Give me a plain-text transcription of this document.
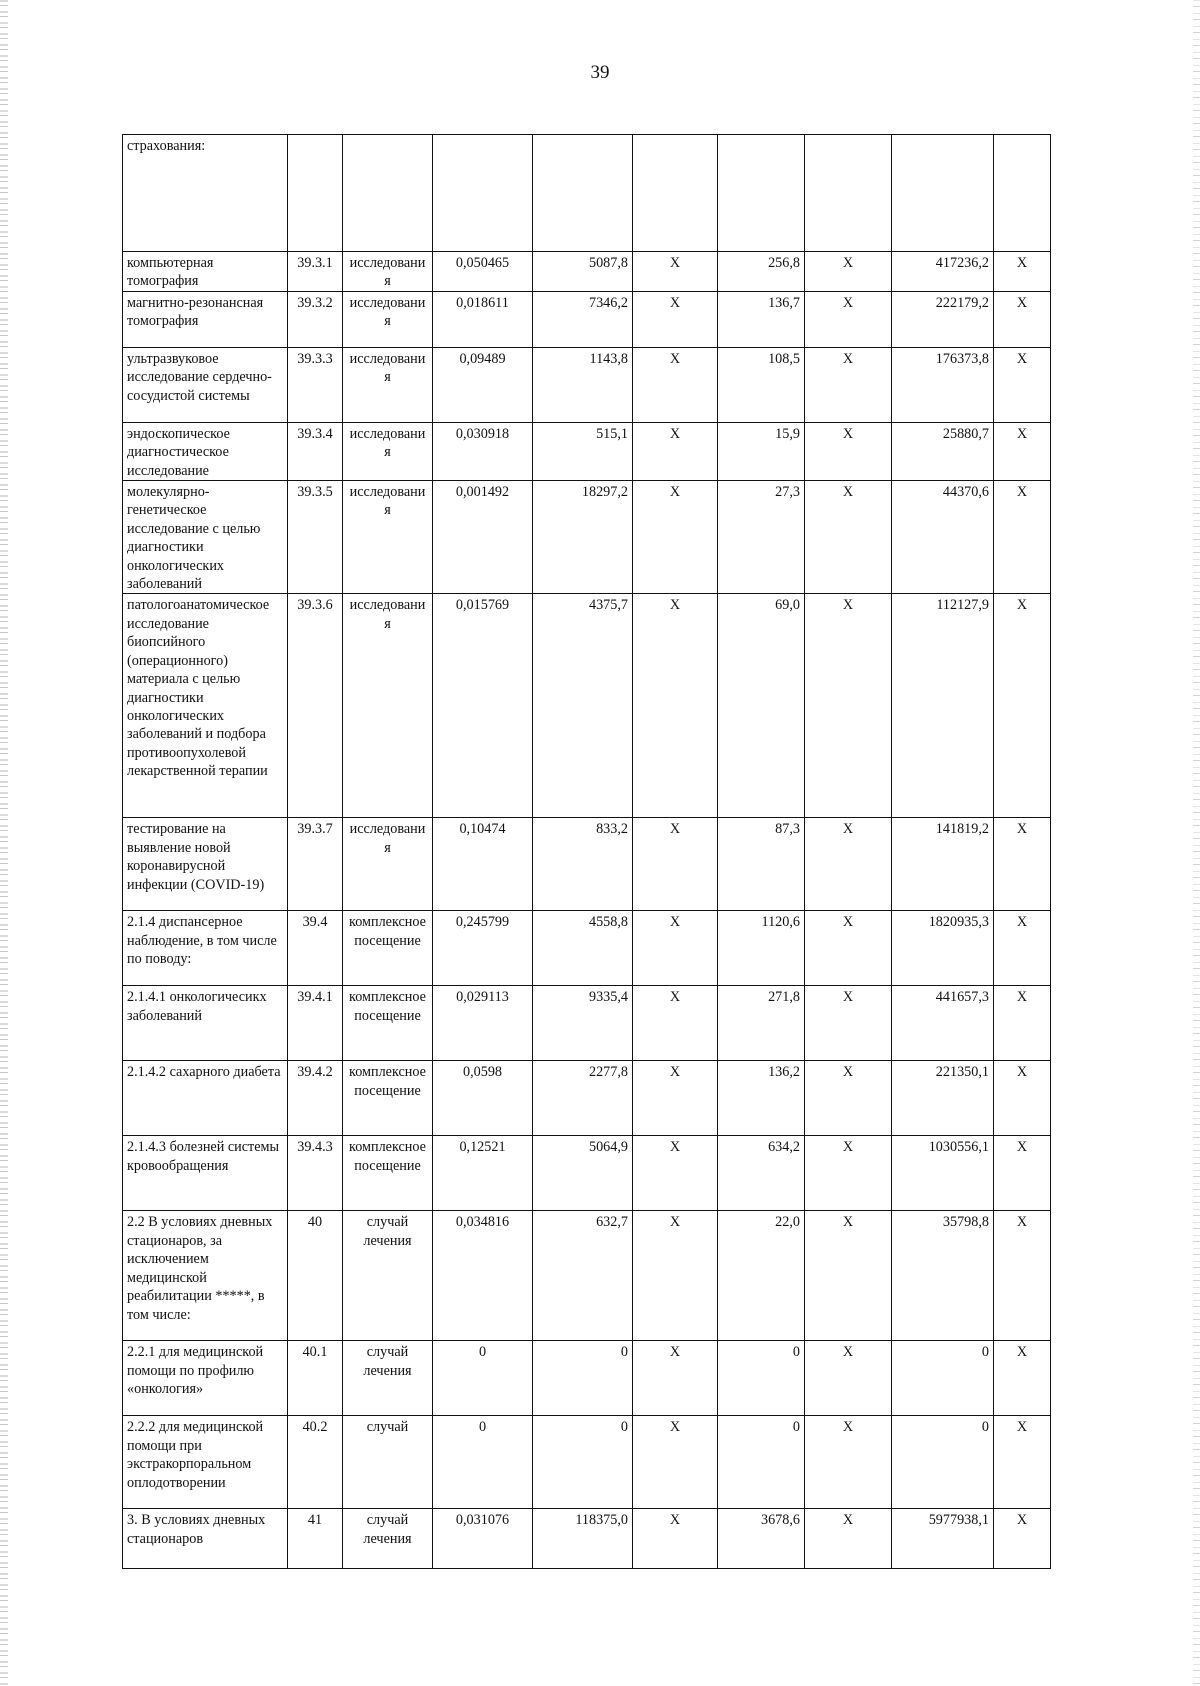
39
страхования:									
компьютерная томография	39.3.1	исследования	0,050465	5087,8	Х	256,8	Х	417236,2	Х
магнитно-резонансная томография	39.3.2	исследования	0,018611	7346,2	Х	136,7	Х	222179,2	Х
ультразвуковое исследование сердечно-сосудистой системы	39.3.3	исследования	0,09489	1143,8	Х	108,5	Х	176373,8	Х
эндоскопическое диагностическое исследование	39.3.4	исследования	0,030918	515,1	Х	15,9	Х	25880,7	Х
молекулярно-генетическое исследование с целью диагностики онкологических заболеваний	39.3.5	исследования	0,001492	18297,2	Х	27,3	Х	44370,6	Х
патологоанатомическое исследование биопсийного (операционного) материала с целью диагностики онкологических заболеваний и подбора противоопухолевой лекарственной терапии	39.3.6	исследования	0,015769	4375,7	Х	69,0	Х	112127,9	Х
тестирование на выявление новой коронавирусной инфекции (COVID-19)	39.3.7	исследования	0,10474	833,2	Х	87,3	Х	141819,2	Х
2.1.4 диспансерное наблюдение, в том числе по поводу:	39.4	комплексное посещение	0,245799	4558,8	Х	1120,6	Х	1820935,3	Х
2.1.4.1 онкологичесикх заболеваний	39.4.1	комплексное посещение	0,029113	9335,4	Х	271,8	Х	441657,3	Х
2.1.4.2 сахарного диабета	39.4.2	комплексное посещение	0,0598	2277,8	Х	136,2	Х	221350,1	Х
2.1.4.3 болезней системы кровообращения	39.4.3	комплексное посещение	0,12521	5064,9	Х	634,2	Х	1030556,1	Х
2.2 В условиях дневных стационаров, за исключением медицинской реабилитации *****, в том числе:	40	случай лечения	0,034816	632,7	Х	22,0	Х	35798,8	Х
2.2.1 для медицинской помощи по профилю «онкология»	40.1	случай лечения	0	0	Х	0	Х	0	Х
2.2.2 для медицинской помощи при экстракорпоральном оплодотворении	40.2	случай	0	0	Х	0	Х	0	Х
3. В условиях дневных стационаров	41	случай лечения	0,031076	118375,0	Х	3678,6	Х	5977938,1	Х
